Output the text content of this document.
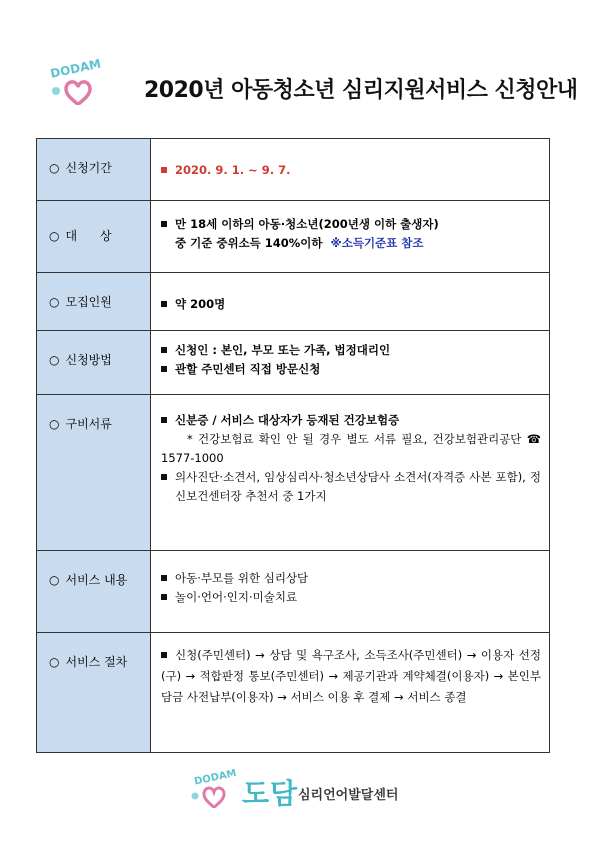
DODAM
2020년 아동청소년 심리지원서비스 신청안내
○ 신청기간	2020. 9. 1. ~ 9. 7.

○ 대      상	만 18세 이하의 아동·청소년(200년생 이하 출생자)
중 기준 중위소득 140%이하 ※소득기준표 참조

○ 모집인원	약 200명

○ 신청방법	신청인 : 본인, 부모 또는 가족, 법정대리인
관할 주민센터 직접 방문신청

○ 구비서류	신분증 / 서비스 대상자가 등재된 건강보험증
* 건강보험료 확인 안 될 경우 별도 서류 필요, 건강보험관리공단 ☎ 1577-1000
의사진단·소견서, 임상심리사·청소년상담사 소견서(자격증 사본 포함), 정신보건센터장 추천서 중 1가지

○ 서비스 내용	아동·부모를 위한 심리상담
놀이·언어·인지·미술치료

○ 서비스 절차	신청(주민센터) → 상담 및 욕구조사, 소득조사(주민센터) → 이용자 선정(구) → 적합판정 통보(주민센터) → 제공기관과 계약체결(이용자) → 본인부담금 사전납부(이용자) → 서비스 이용 후 결제 → 서비스 종결
DODAM 도담 심리언어발달센터
